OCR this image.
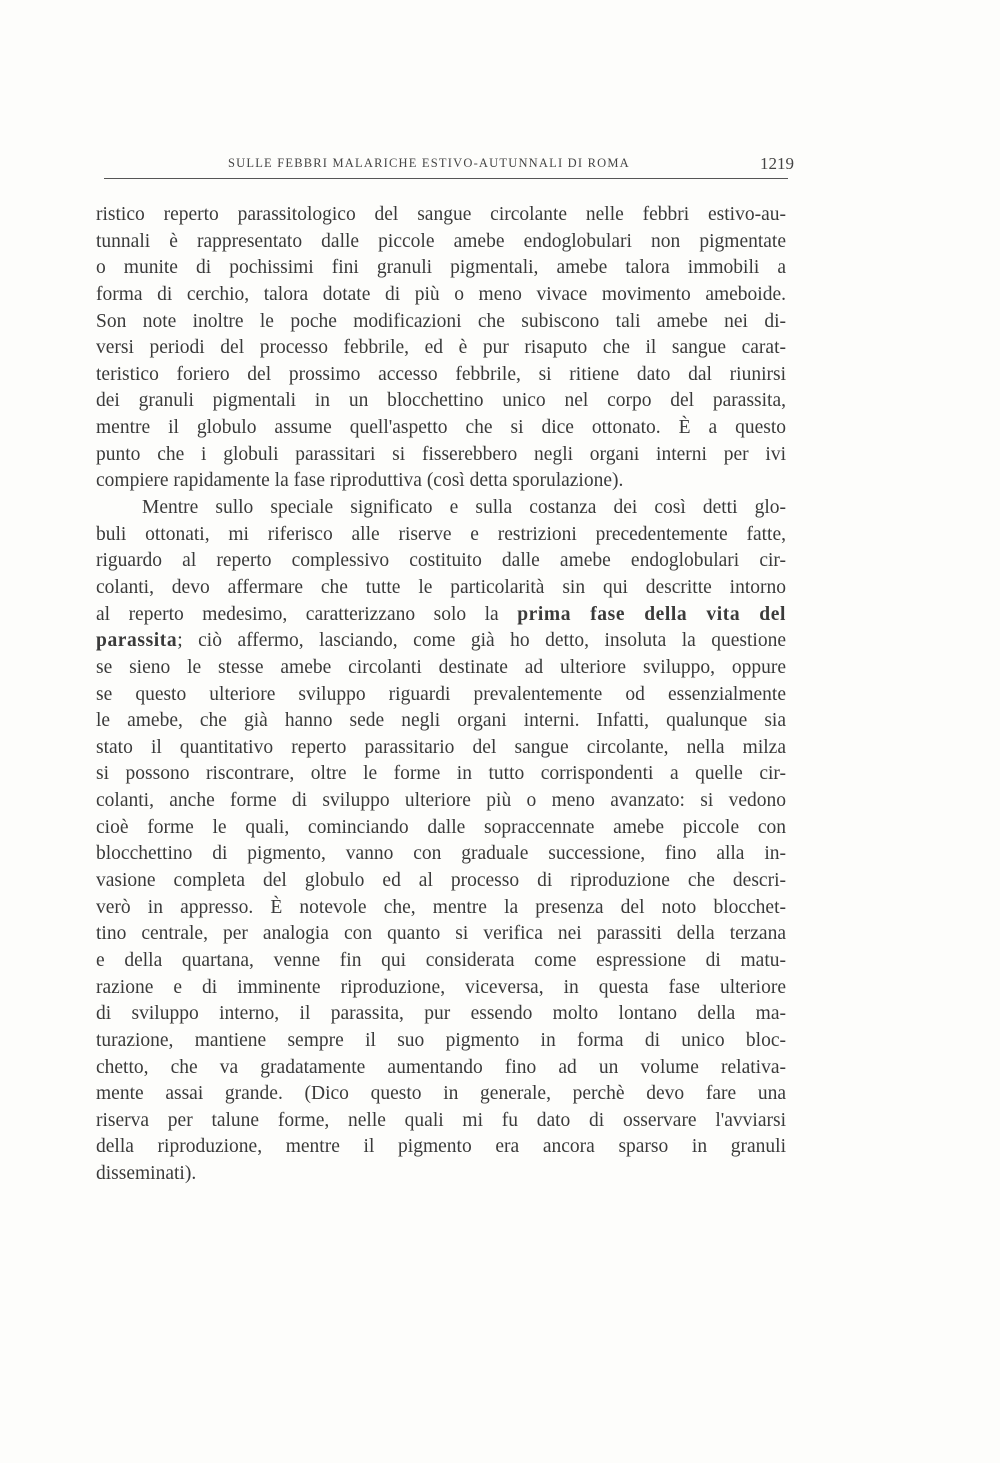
SULLE FEBBRI MALARICHE ESTIVO-AUTUNNALI DI ROMA	1219
ristico reperto parassitologico del sangue circolante nelle febbri estivo-au-
tunnali è rappresentato dalle piccole amebe endoglobulari non pigmentate
o munite di pochissimi fini granuli pigmentali, amebe talora immobili a
forma di cerchio, talora dotate di più o meno vivace movimento ameboide.
Son note inoltre le poche modificazioni che subiscono tali amebe nei di-
versi periodi del processo febbrile, ed è pur risaputo che il sangue carat-
teristico foriero del prossimo accesso febbrile, si ritiene dato dal riunirsi
dei granuli pigmentali in un blocchettino unico nel corpo del parassita,
mentre il globulo assume quell'aspetto che si dice ottonato. È a questo
punto che i globuli parassitari si fisserebbero negli organi interni per ivi
compiere rapidamente la fase riproduttiva (così detta sporulazione).
Mentre sullo speciale significato e sulla costanza dei così detti glo-
buli ottonati, mi riferisco alle riserve e restrizioni precedentemente fatte,
riguardo al reperto complessivo costituito dalle amebe endoglobulari cir-
colanti, devo affermare che tutte le particolarità sin qui descritte intorno
al reperto medesimo, caratterizzano solo la prima fase della vita del
parassita; ciò affermo, lasciando, come già ho detto, insoluta la questione
se sieno le stesse amebe circolanti destinate ad ulteriore sviluppo, oppure
se questo ulteriore sviluppo riguardi prevalentemente od essenzialmente
le amebe, che già hanno sede negli organi interni. Infatti, qualunque sia
stato il quantitativo reperto parassitario del sangue circolante, nella milza
si possono riscontrare, oltre le forme in tutto corrispondenti a quelle cir-
colanti, anche forme di sviluppo ulteriore più o meno avanzato: si vedono
cioè forme le quali, cominciando dalle sopraccennate amebe piccole con
blocchettino di pigmento, vanno con graduale successione, fino alla in-
vasione completa del globulo ed al processo di riproduzione che descri-
verò in appresso. È notevole che, mentre la presenza del noto blocchet-
tino centrale, per analogia con quanto si verifica nei parassiti della terzana
e della quartana, venne fin qui considerata come espressione di matu-
razione e di imminente riproduzione, viceversa, in questa fase ulteriore
di sviluppo interno, il parassita, pur essendo molto lontano della ma-
turazione, mantiene sempre il suo pigmento in forma di unico bloc-
chetto, che va gradatamente aumentando fino ad un volume relativa-
mente assai grande. (Dico questo in generale, perchè devo fare una
riserva per talune forme, nelle quali mi fu dato di osservare l'avviarsi
della riproduzione, mentre il pigmento era ancora sparso in granuli
disseminati).
